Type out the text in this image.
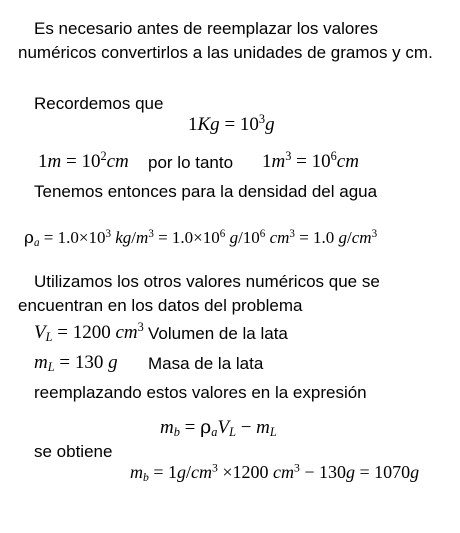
Es necesario antes de reemplazar los valores numéricos convertirlos a las unidades de gramos y cm.
Recordemos que
$1Kg = 10^3g$
$1m = 10^2cm$ por lo tanto $1m^3 = 10^6cm$
Tenemos entonces para la densidad del agua
$\rho_a = 1.0\times 10^3$ $kg/m^3 = 1.0\times 10^6$ $g/10^6$ $cm^3 = 1.0$ $g/cm^3$
Utilizamos los otros valores numéricos que se encuentran en los datos del problema
$V_L = 1200$ $cm^3$ Volumen de la lata
$m_L = 130$ g Masa de la lata
reemplazando estos valores en la expresión
$m_b = \rho_aV_L - m_L$
se obtiene
$m_b = 1g/cm^3 \times 1200$ $cm^3 - 130g = 1070g$
